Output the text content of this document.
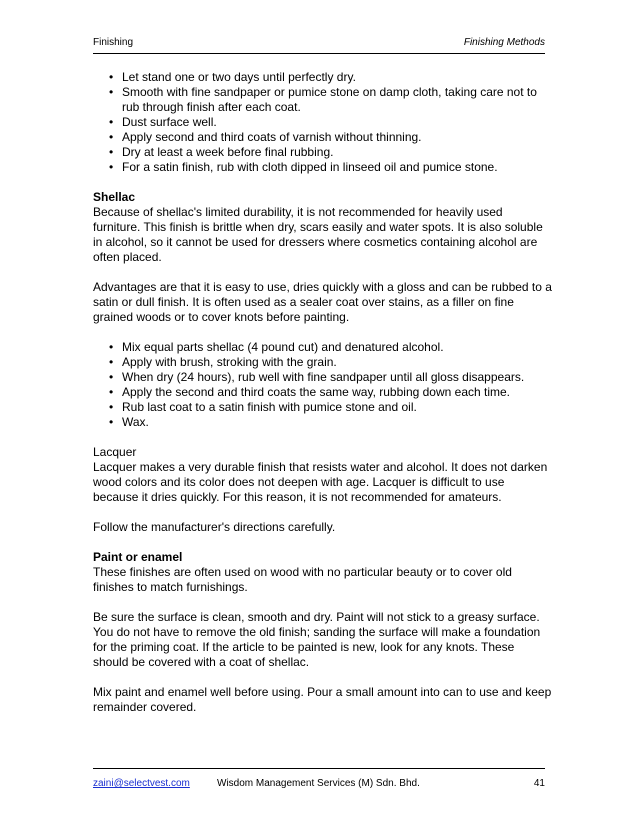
Finishing	Finishing Methods
• Let stand one or two days until perfectly dry.
• Smooth with fine sandpaper or pumice stone on damp cloth, taking care not to rub through finish after each coat.
• Dust surface well.
• Apply second and third coats of varnish without thinning.
• Dry at least a week before final rubbing.
• For a satin finish, rub with cloth dipped in linseed oil and pumice stone.

Shellac

Because of shellac's limited durability, it is not recommended for heavily used furniture. This finish is brittle when dry, scars easily and water spots. It is also soluble in alcohol, so it cannot be used for dressers where cosmetics containing alcohol are often placed.

Advantages are that it is easy to use, dries quickly with a gloss and can be rubbed to a satin or dull finish. It is often used as a sealer coat over stains, as a filler on fine grained woods or to cover knots before painting.

• Mix equal parts shellac (4 pound cut) and denatured alcohol.
• Apply with brush, stroking with the grain.
• When dry (24 hours), rub well with fine sandpaper until all gloss disappears.
• Apply the second and third coats the same way, rubbing down each time.
• Rub last coat to a satin finish with pumice stone and oil.
• Wax.

Lacquer

Lacquer makes a very durable finish that resists water and alcohol. It does not darken wood colors and its color does not deepen with age. Lacquer is difficult to use because it dries quickly. For this reason, it is not recommended for amateurs.

Follow the manufacturer's directions carefully.

Paint or enamel

These finishes are often used on wood with no particular beauty or to cover old finishes to match furnishings.

Be sure the surface is clean, smooth and dry. Paint will not stick to a greasy surface. You do not have to remove the old finish; sanding the surface will make a foundation for the priming coat. If the article to be painted is new, look for any knots. These should be covered with a coat of shellac.

Mix paint and enamel well before using. Pour a small amount into can to use and keep remainder covered.

zaini@selectvest.com	Wisdom Management Services (M) Sdn. Bhd.	41
